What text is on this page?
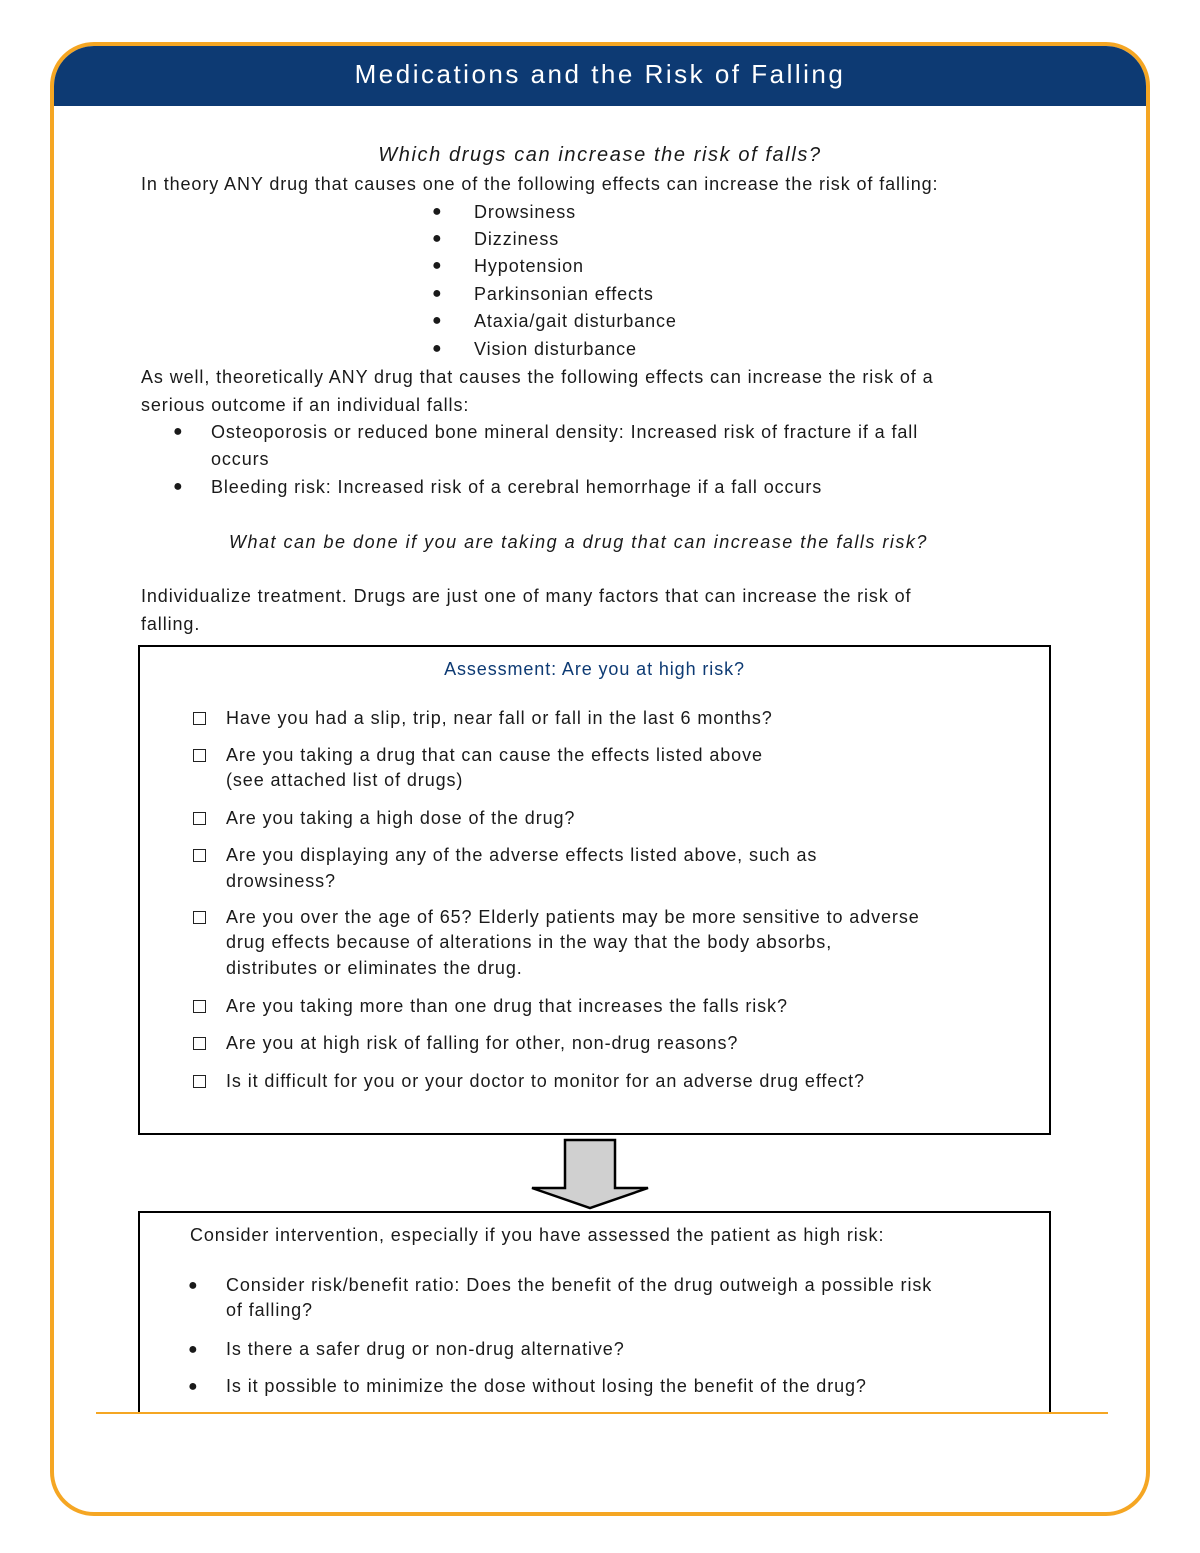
Medications and the Risk of Falling
Which drugs can increase the risk of falls?
In theory ANY drug that causes one of the following effects can increase the risk of falling:
● Drowsiness
● Dizziness
● Hypotension
● Parkinsonian effects
● Ataxia/gait disturbance
● Vision disturbance
As well, theoretically ANY drug that causes the following effects can increase the risk of a
serious outcome if an individual falls:
● Osteoporosis or reduced bone mineral density: Increased risk of fracture if a fall
occurs
● Bleeding risk: Increased risk of a cerebral hemorrhage if a fall occurs
What can be done if you are taking a drug that can increase the falls risk?
Individualize treatment. Drugs are just one of many factors that can increase the risk of
falling.
Assessment: Are you at high risk?
Have you had a slip, trip, near fall or fall in the last 6 months?
Are you taking a drug that can cause the effects listed above
(see attached list of drugs)
Are you taking a high dose of the drug?
Are you displaying any of the adverse effects listed above, such as
drowsiness?
Are you over the age of 65? Elderly patients may be more sensitive to adverse
drug effects because of alterations in the way that the body absorbs,
distributes or eliminates the drug.
Are you taking more than one drug that increases the falls risk?
Are you at high risk of falling for other, non-drug reasons?
Is it difficult for you or your doctor to monitor for an adverse drug effect?
Consider intervention, especially if you have assessed the patient as high risk:
● Consider risk/benefit ratio: Does the benefit of the drug outweigh a possible risk
of falling?
● Is there a safer drug or non-drug alternative?
● Is it possible to minimize the dose without losing the benefit of the drug?
